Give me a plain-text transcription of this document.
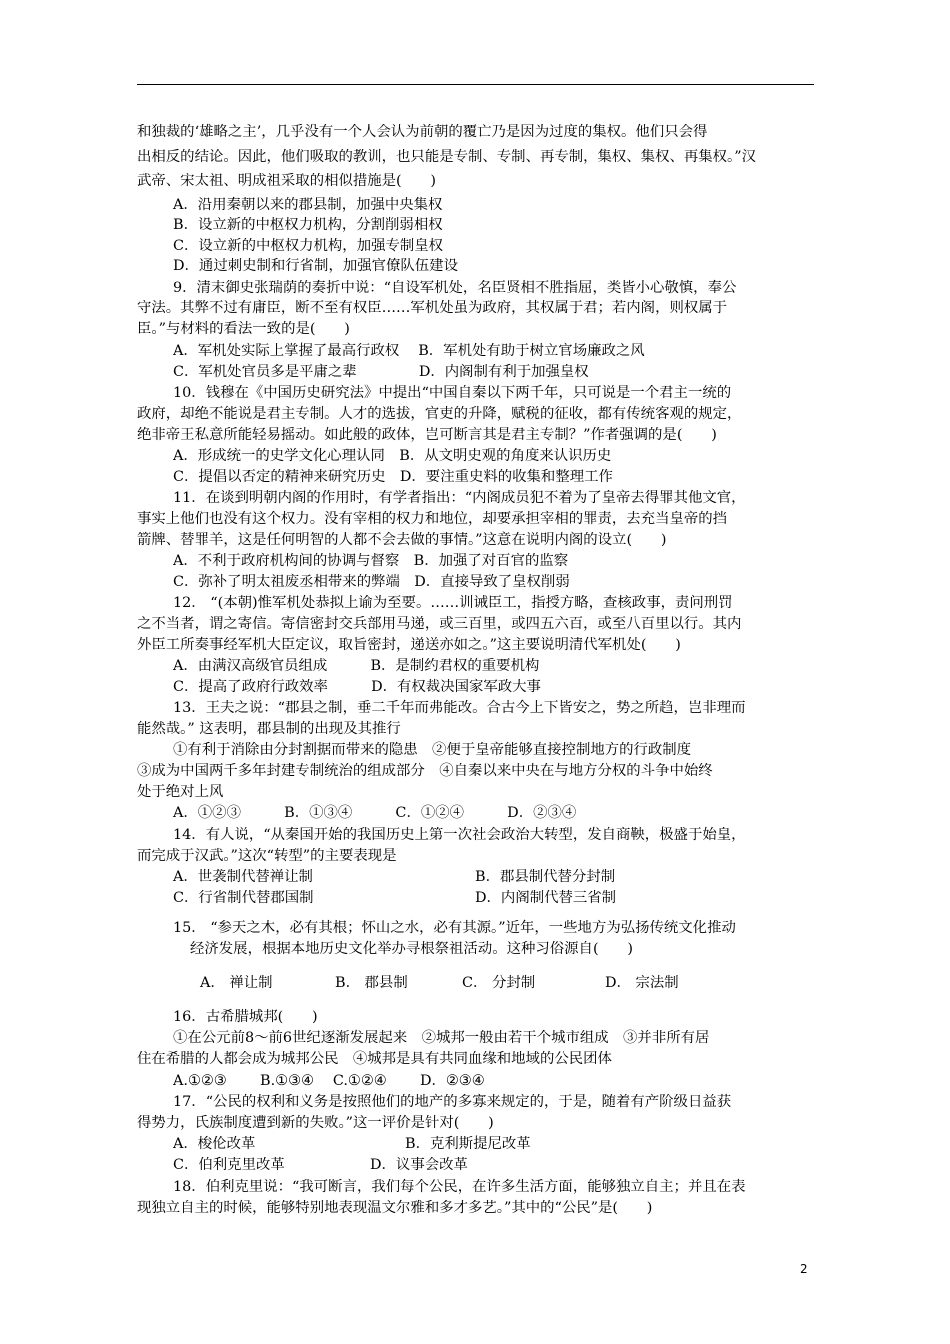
和独裁的‘雄略之主’，几乎没有一个人会认为前朝的覆亡乃是因为过度的集权。他们只会得
出相反的结论。因此，他们吸取的教训，也只能是专制、专制、再专制，集权、集权、再集权。”汉
武帝、宋太祖、明成祖采取的相似措施是(　　)
A．沿用秦朝以来的郡县制，加强中央集权
B．设立新的中枢权力机构，分割削弱相权
C．设立新的中枢权力机构，加强专制皇权
D．通过刺史制和行省制，加强官僚队伍建设
9．清末御史张瑞荫的奏折中说：“自设军机处，名臣贤相不胜指屈，类皆小心敬慎，奉公
守法。其弊不过有庸臣，断不至有权臣……军机处虽为政府，其权属于君；若内阁，则权属于
臣。”与材料的看法一致的是(　　)
A．军机处实际上掌握了最高行政权　 B．军机处有助于树立官场廉政之风
C．军机处官员多是平庸之辈　　　　 D．内阁制有利于加强皇权
10．钱穆在《中国历史研究法》中提出“中国自秦以下两千年，只可说是一个君主一统的
政府，却绝不能说是君主专制。人才的选拔，官吏的升降，赋税的征收，都有传统客观的规定，
绝非帝王私意所能轻易摇动。如此般的政体，岂可断言其是君主专制？”作者强调的是(　　)
A．形成统一的史学文化心理认同　B．从文明史观的角度来认识历史
C．提倡以否定的精神来研究历史　D．要注重史料的收集和整理工作
11．在谈到明朝内阁的作用时，有学者指出：“内阁成员犯不着为了皇帝去得罪其他文官，
事实上他们也没有这个权力。没有宰相的权力和地位，却要承担宰相的罪责，去充当皇帝的挡
箭牌、替罪羊，这是任何明智的人都不会去做的事情。”这意在说明内阁的设立(　　)
A．不利于政府机构间的协调与督察　B．加强了对百官的监察
C．弥补了明太祖废丞相带来的弊端　D．直接导致了皇权削弱
12． “(本朝)惟军机处恭拟上谕为至要。……训诫臣工，指授方略，查核政事，责问刑罚
之不当者，谓之寄信。寄信密封交兵部用马递，或三百里，或四五六百，或至八百里以行。其内
外臣工所奏事经军机大臣定议，取旨密封，递送亦如之。”这主要说明清代军机处(　　)
A．由满汉高级官员组成　　　B．是制约君权的重要机构
C．提高了政府行政效率　　　D．有权裁决国家军政大事
13．王夫之说：“郡县之制，垂二千年而弗能改。合古今上下皆安之，势之所趋，岂非理而
能然哉。” 这表明，郡县制的出现及其推行
①有利于消除由分封割据而带来的隐患　②便于皇帝能够直接控制地方的行政制度
③成为中国两千多年封建专制统治的组成部分　④自秦以来中央在与地方分权的斗争中始终
处于绝对上风
A．①②③　　　B．①③④　　　C．①②④　　　D．②③④
14．有人说，“从秦国开始的我国历史上第一次社会政治大转型，发自商鞅，极盛于始皇，
而完成于汉武。”这次“转型”的主要表现是
A．世袭制代替禅让制	B．郡县制代替分封制
C．行省制代替郡国制	D．内阁制代替三省制
15． “参天之木，必有其根；怀山之水，必有其源。”近年，一些地方为弘扬传统文化推动
经济发展，根据本地历史文化举办寻根祭祖活动。这种习俗源自(　　)
A． 禅让制	B． 郡县制	C． 分封制	D． 宗法制
16．古希腊城邦(　　)
①在公元前8～前6世纪逐渐发展起来　②城邦一般由若干个城市组成　③并非所有居
住在希腊的人都会成为城邦公民　④城邦是具有共同血缘和地域的公民团体
A.①②③　　 B.①③④　 C.①②④　　 D．②③④
17．“公民的权利和义务是按照他们的地产的多寡来规定的，于是，随着有产阶级日益获
得势力，氏族制度遭到新的失败。”这一评价是针对(　　)
A．梭伦改革	B．克利斯提尼改革
C．伯利克里改革	D．议事会改革
18．伯利克里说：“我可断言，我们每个公民，在许多生活方面，能够独立自主；并且在表
现独立自主的时候，能够特别地表现温文尔雅和多才多艺。”其中的“公民”是(　　)
2
